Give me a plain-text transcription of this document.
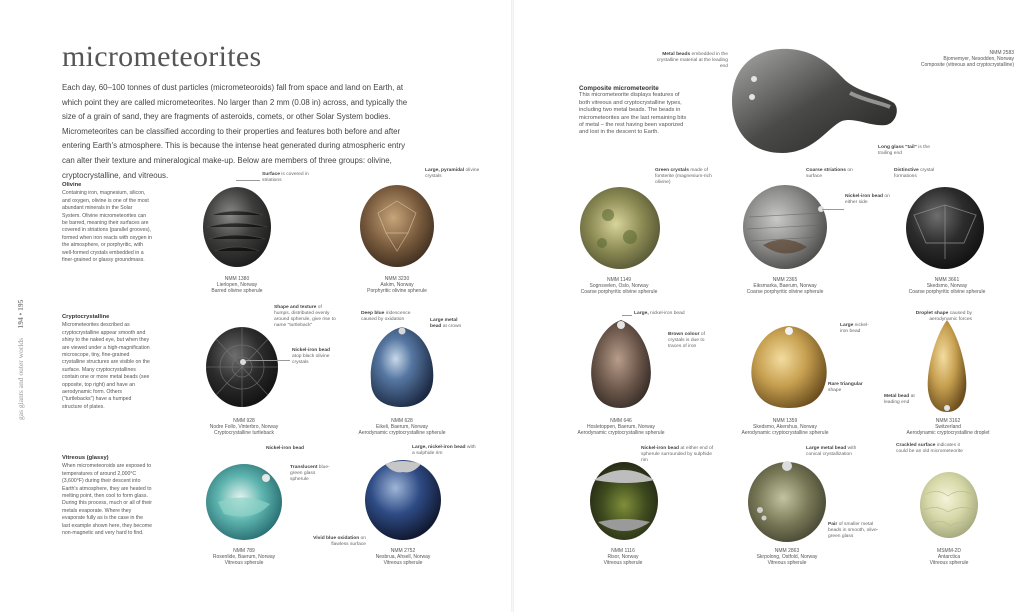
micrometeorites
Each day, 60–100 tonnes of dust particles (micrometeoroids) fall from space and land on Earth, at which point they are called micrometeorites. No larger than 2 mm (0.08 in) across, and typically the size of a grain of sand, they are fragments of asteroids, comets, or other Solar System bodies. Micrometeorites can be classified according to their properties and features both before and after entering Earth's atmosphere. This is because the intense heat generated during atmospheric entry can alter their texture and mineralogical make-up. Below are members of three groups: olivine, cryptocrystalline, and vitreous.
gas giants and outer worlds     194 • 195
Olivine
Containing iron, magnesium, silicon, and oxygen, olivine is one of the most abundant minerals in the Solar System. Olivine micrometeorites can be barred, meaning their surfaces are covered in striations (parallel grooves), formed when iron reacts with oxygen in the atmosphere, or porphyritic, with well-formed crystals embedded in a finer-grained or glassy groundmass.
Cryptocrystalline
Micrometeorites described as cryptocrystalline appear smooth and shiny to the naked eye, but when they are viewed under a high-magnification microscope, tiny, fine-grained crystalline structures are visible on the surface. Many cryptocrystallines contain one or more metal beads (see opposite, top right) and have an aerodynamic form. Others ("turtlebacks") have a humped structure of plates.
Vitreous (glassy)
When micrometeoroids are exposed to temperatures of around 2,000°C (3,600°F) during their descent into Earth's atmosphere, they are heated to melting point, then cool to form glass. During this process, much or all of their metals evaporate. Where they evaporate fully as is the case in the last example shown here, they become non-magnetic and very hard to find.
Composite micrometeorite
This micrometeorite displays features of both vitreous and cryptocrystalline types, including two metal beads. The beads in micrometeorites are the last remaining bits of metal – the rest having been vaporized and lost in the descent to Earth.
NMM 1380
Lierlopen, Norway
Barred olivine spherule
NMM 3230
Askim, Norway
Porphyritic olivine spherule
NMM 1149
Sognsvelen, Oslo, Norway
Coarse porphyritic olivine spherule
NMM 2365
Eiksmarka, Baerum, Norway
Coarse porphyritic olivine spherule
NMM 3661
Skedsmo, Norway
Coarse porphyritic olivine spherule
NMM 928
Nodre Follo, Vinterbro, Norway
Cryptocrystalline turtleback
NMM 628
Eikeli, Baerum, Norway
Aerodynamic cryptocrystalline spherule
NMM 646
Hosletoppen, Baerum, Norway
Aerodynamic cryptocrystalline spherule
NMM 1359
Skedsmo, Akershus, Norway
Aerodynamic cryptocrystalline spherule
NMM 3162
Switzerland
Aerodynamic cryptocrystalline droplet
NMM 789
Rosenlide, Baerum, Norway
Vitreous spherule
NMM 2752
Nesbrua, Ahsell, Norway
Vitreous spherule
NMM 1116
Risor, Norway
Vitreous spherule
NMM 2863
Skrpolong, Ostfold, Norway
Vitreous spherule
MSMM-2D
Antarctica
Vitreous spherule
NMM 2583
Bjornemyer, Nesodden, Norway
Composite (vitreous and cryptocrystalline)
Surface is covered in striations
Large, pyramidal olivine crystals
Green crystals made of forsterite (magnesium-rich olivine)
Coarse striations on surface
Nickel-iron bead on either side
Distinctive crystal formations
Shape and texture of humps, distributed evenly around spherule, give rise to name "turtleback"
Nickel-iron bead atop black olivine crystals
Deep blue iridescence caused by oxidation	Large metal bead at crown
Large, nickel-iron bead
Brown colour of crystals is due to traces of iron
Large nickel-iron bead
Rare triangular shape
Droplet shape caused by aerodynamic forces
Metal bead at leading end
Nickel-iron bead
Translucent blue-green glass spherule
Large, nickel-iron bead with a sulphide rim
Vivid blue oxidation on flawless surface
Nickel-iron bead at either end of spherule surrounded by sulphide rim
Large metal bead with conical crystallization
Pair of smaller metal beads in smooth, olive-green glass
Crackled surface indicates it could be an old micrometeorite
Metal beads embedded in the crystalline material at the leading end
Long glass "tail" is the trailing end
